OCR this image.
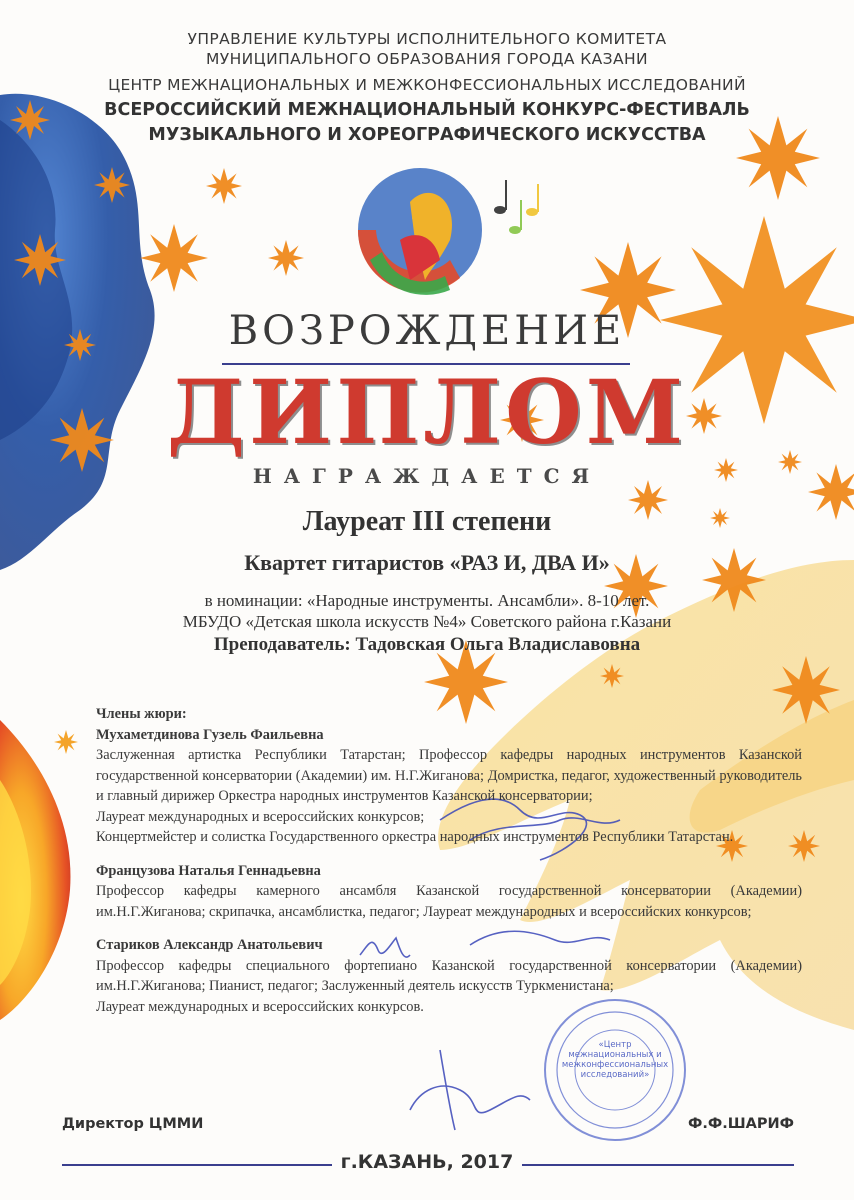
УПРАВЛЕНИЕ КУЛЬТУРЫ ИСПОЛНИТЕЛЬНОГО КОМИТЕТА
МУНИЦИПАЛЬНОГО ОБРАЗОВАНИЯ ГОРОДА КАЗАНИ
ЦЕНТР МЕЖНАЦИОНАЛЬНЫХ И МЕЖКОНФЕССИОНАЛЬНЫХ ИССЛЕДОВАНИЙ
ВСЕРОССИЙСКИЙ МЕЖНАЦИОНАЛЬНЫЙ КОНКУРС-ФЕСТИВАЛЬ
МУЗЫКАЛЬНОГО И ХОРЕОГРАФИЧЕСКОГО ИСКУССТВА
ВОЗРОЖДЕНИЕ
ДИПЛОМ
НАГРАЖДАЕТСЯ
Лауреат III степени
Квартет гитаристов «РАЗ И, ДВА И»
в номинации: «Народные инструменты. Ансамбли». 8-10 лет.
МБУДО «Детская школа искусств №4» Советского района г.Казани
Преподаватель: Тадовская Ольга Владиславовна
Члены жюри:
Мухаметдинова Гузель Фаильевна
Заслуженная артистка Республики Татарстан; Профессор кафедры народных инструментов Казанской государственной консерватории (Академии) им. Н.Г.Жиганова; Домристка, педагог, художественный руководитель и главный дирижер Оркестра народных инструментов Казанской консерватории;
Лауреат международных и всероссийских конкурсов;
Концертмейстер и солистка Государственного оркестра народных инструментов Республики Татарстан.
Французова Наталья Геннадьевна
Профессор кафедры камерного ансамбля Казанской государственной консерватории (Академии) им.Н.Г.Жиганова; скрипачка, ансамблистка, педагог; Лауреат международных и всероссийских конкурсов;
Стариков Александр Анатольевич
Профессор кафедры специального фортепиано Казанской государственной консерватории (Академии) им.Н.Г.Жиганова; Пианист, педагог; Заслуженный деятель искусств Туркменистана;
Лауреат международных и всероссийских конкурсов.
«Центр межнациональных и межконфессиональных исследований»
Директор ЦММИ	Ф.Ф.ШАРИФ
г.КАЗАНЬ, 2017
